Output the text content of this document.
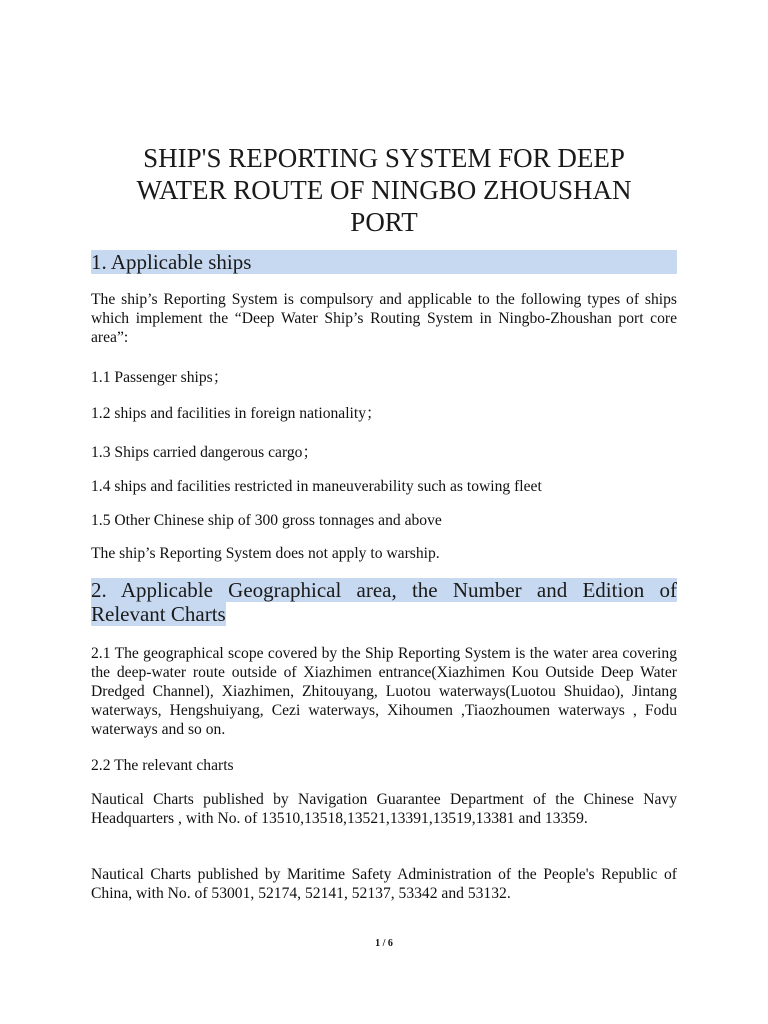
SHIP'S REPORTING SYSTEM FOR DEEP WATER ROUTE OF NINGBO ZHOUSHAN PORT
1. Applicable ships
The ship’s Reporting System is compulsory and applicable to the following types of ships which implement the “Deep Water Ship’s Routing System in Ningbo-Zhoushan port core area”:
1.1 Passenger ships；
1.2 ships and facilities in foreign nationality；
1.3 Ships carried dangerous cargo；
1.4 ships and facilities restricted in maneuverability such as towing fleet
1.5 Other Chinese ship of 300 gross tonnages and above
The ship’s Reporting System does not apply to warship.
2. Applicable Geographical area, the Number and Edition of Relevant Charts
2.1 The geographical scope covered by the Ship Reporting System is the water area covering the deep-water route outside of Xiazhimen entrance(Xiazhimen Kou Outside Deep Water Dredged Channel), Xiazhimen, Zhitouyang, Luotou waterways(Luotou Shuidao), Jintang waterways, Hengshuiyang, Cezi waterways, Xihoumen ,Tiaozhoumen waterways , Fodu waterways and so on.
2.2 The relevant charts
Nautical Charts published by Navigation Guarantee Department of the Chinese Navy Headquarters , with No. of 13510,13518,13521,13391,13519,13381 and 13359.
Nautical Charts published by Maritime Safety Administration of the People's Republic of China, with No. of 53001, 52174, 52141, 52137, 53342 and 53132.
1 / 6
